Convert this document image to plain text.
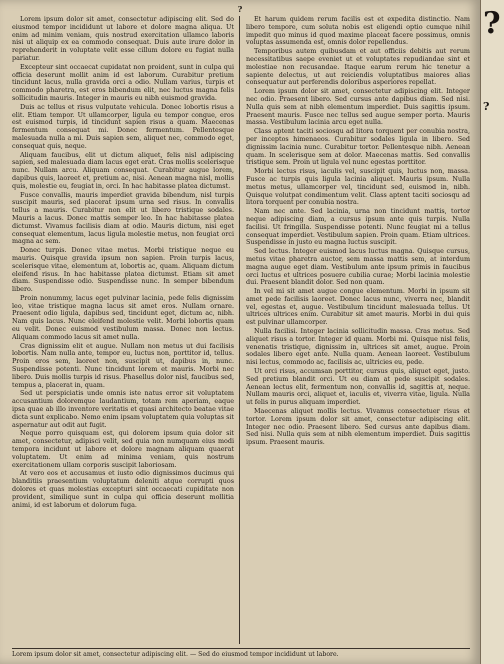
?

Lorem ipsum dolor sit amet, consectetur adipiscing elit. Sed do eiusmod tempor incididunt ut labore et dolore magna aliqua. Ut enim ad minim veniam, quis nostrud exercitation ullamco laboris nisi ut aliquip ex ea commodo consequat. Duis aute irure dolor in reprehenderit in voluptate velit esse cillum dolore eu fugiat nulla pariatur.

Excepteur sint occaecat cupidatat non proident, sunt in culpa qui officia deserunt mollit anim id est laborum. Curabitur pretium tincidunt lacus, nulla gravida orci a odio. Nullam varius, turpis et commodo pharetra, est eros bibendum elit, nec luctus magna felis sollicitudin mauris. Integer in mauris eu nibh euismod gravida.

Duis ac tellus et risus vulputate vehicula. Donec lobortis risus a elit. Etiam tempor. Ut ullamcorper, ligula eu tempor congue, eros est euismod turpis, id tincidunt sapien risus a quam. Maecenas fermentum consequat mi. Donec fermentum. Pellentesque malesuada nulla a mi. Duis sapien sem, aliquet nec, commodo eget, consequat quis, neque.

Aliquam faucibus, elit ut dictum aliquet, felis nisl adipiscing sapien, sed malesuada diam lacus eget erat. Cras mollis scelerisque nunc. Nullam arcu. Aliquam consequat. Curabitur augue lorem, dapibus quis, laoreet et, pretium ac, nisi. Aenean magna nisl, mollis quis, molestie eu, feugiat in, orci. In hac habitasse platea dictumst.

Fusce convallis, mauris imperdiet gravida bibendum, nisl turpis suscipit mauris, sed placerat ipsum urna sed risus. In convallis tellus a mauris. Curabitur non elit ut libero tristique sodales. Mauris a lacus. Donec mattis semper leo. In hac habitasse platea dictumst. Vivamus facilisis diam at odio. Mauris dictum, nisi eget consequat elementum, lacus ligula molestie metus, non feugiat orci magna ac sem.

Donec turpis. Donec vitae metus. Morbi tristique neque eu mauris. Quisque gravida ipsum non sapien. Proin turpis lacus, scelerisque vitae, elementum at, lobortis ac, quam. Aliquam dictum eleifend risus. In hac habitasse platea dictumst. Etiam sit amet diam. Suspendisse odio. Suspendisse nunc. In semper bibendum libero.

Proin nonummy, lacus eget pulvinar lacinia, pede felis dignissim leo, vitae tristique magna lacus sit amet eros. Nullam ornare. Praesent odio ligula, dapibus sed, tincidunt eget, dictum ac, nibh. Nam quis lacus. Nunc eleifend molestie velit. Morbi lobortis quam eu velit. Donec euismod vestibulum massa. Donec non lectus. Aliquam commodo lacus sit amet nulla.

Cras dignissim elit et augue. Nullam non metus ut dui facilisis lobortis. Nam nulla ante, tempor eu, luctus non, porttitor id, tellus. Proin eros sem, laoreet non, suscipit ut, dapibus in, nunc. Suspendisse potenti. Nunc tincidunt lorem et mauris. Morbi nec libero. Duis mollis turpis id risus. Phasellus dolor nisl, faucibus sed, tempus a, placerat in, quam.

Sed ut perspiciatis unde omnis iste natus error sit voluptatem accusantium doloremque laudantium, totam rem aperiam, eaque ipsa quae ab illo inventore veritatis et quasi architecto beatae vitae dicta sunt explicabo. Nemo enim ipsam voluptatem quia voluptas sit aspernatur aut odit aut fugit.

Neque porro quisquam est, qui dolorem ipsum quia dolor sit amet, consectetur, adipisci velit, sed quia non numquam eius modi tempora incidunt ut labore et dolore magnam aliquam quaerat voluptatem. Ut enim ad minima veniam, quis nostrum exercitationem ullam corporis suscipit laboriosam.

At vero eos et accusamus et iusto odio dignissimos ducimus qui blanditiis praesentium voluptatum deleniti atque corrupti quos dolores et quas molestias excepturi sint occaecati cupiditate non provident, similique sunt in culpa qui officia deserunt mollitia animi, id est laborum et dolorum fuga.

Et harum quidem rerum facilis est et expedita distinctio. Nam libero tempore, cum soluta nobis est eligendi optio cumque nihil impedit quo minus id quod maxime placeat facere possimus, omnis voluptas assumenda est, omnis dolor repellendus.

Temporibus autem quibusdam et aut officiis debitis aut rerum necessitatibus saepe eveniet ut et voluptates repudiandae sint et molestiae non recusandae. Itaque earum rerum hic tenetur a sapiente delectus, ut aut reiciendis voluptatibus maiores alias consequatur aut perferendis doloribus asperiores repellat.

Lorem ipsum dolor sit amet, consectetur adipiscing elit. Integer nec odio. Praesent libero. Sed cursus ante dapibus diam. Sed nisi. Nulla quis sem at nibh elementum imperdiet. Duis sagittis ipsum. Praesent mauris. Fusce nec tellus sed augue semper porta. Mauris massa. Vestibulum lacinia arcu eget nulla.

Class aptent taciti sociosqu ad litora torquent per conubia nostra, per inceptos himenaeos. Curabitur sodales ligula in libero. Sed dignissim lacinia nunc. Curabitur tortor. Pellentesque nibh. Aenean quam. In scelerisque sem at dolor. Maecenas mattis. Sed convallis tristique sem. Proin ut ligula vel nunc egestas porttitor.

Morbi lectus risus, iaculis vel, suscipit quis, luctus non, massa. Fusce ac turpis quis ligula lacinia aliquet. Mauris ipsum. Nulla metus metus, ullamcorper vel, tincidunt sed, euismod in, nibh. Quisque volutpat condimentum velit. Class aptent taciti sociosqu ad litora torquent per conubia nostra.

Nam nec ante. Sed lacinia, urna non tincidunt mattis, tortor neque adipiscing diam, a cursus ipsum ante quis turpis. Nulla facilisi. Ut fringilla. Suspendisse potenti. Nunc feugiat mi a tellus consequat imperdiet. Vestibulum sapien. Proin quam. Etiam ultrices. Suspendisse in justo eu magna luctus suscipit.

Sed lectus. Integer euismod lacus luctus magna. Quisque cursus, metus vitae pharetra auctor, sem massa mattis sem, at interdum magna augue eget diam. Vestibulum ante ipsum primis in faucibus orci luctus et ultrices posuere cubilia curae; Morbi lacinia molestie dui. Praesent blandit dolor. Sed non quam.

In vel mi sit amet augue congue elementum. Morbi in ipsum sit amet pede facilisis laoreet. Donec lacus nunc, viverra nec, blandit vel, egestas et, augue. Vestibulum tincidunt malesuada tellus. Ut ultrices ultrices enim. Curabitur sit amet mauris. Morbi in dui quis est pulvinar ullamcorper.

Nulla facilisi. Integer lacinia sollicitudin massa. Cras metus. Sed aliquet risus a tortor. Integer id quam. Morbi mi. Quisque nisl felis, venenatis tristique, dignissim in, ultrices sit amet, augue. Proin sodales libero eget ante. Nulla quam. Aenean laoreet. Vestibulum nisi lectus, commodo ac, facilisis ac, ultricies eu, pede.

Ut orci risus, accumsan porttitor, cursus quis, aliquet eget, justo. Sed pretium blandit orci. Ut eu diam at pede suscipit sodales. Aenean lectus elit, fermentum non, convallis id, sagittis at, neque. Nullam mauris orci, aliquet et, iaculis et, viverra vitae, ligula. Nulla ut felis in purus aliquam imperdiet.

Maecenas aliquet mollis lectus. Vivamus consectetuer risus et tortor. Lorem ipsum dolor sit amet, consectetur adipiscing elit. Integer nec odio. Praesent libero. Sed cursus ante dapibus diam. Sed nisi. Nulla quis sem at nibh elementum imperdiet. Duis sagittis ipsum. Praesent mauris.

Lorem ipsum dolor sit amet, consectetur adipiscing elit. — Sed do eiusmod tempor incididunt ut labore.
?
?
